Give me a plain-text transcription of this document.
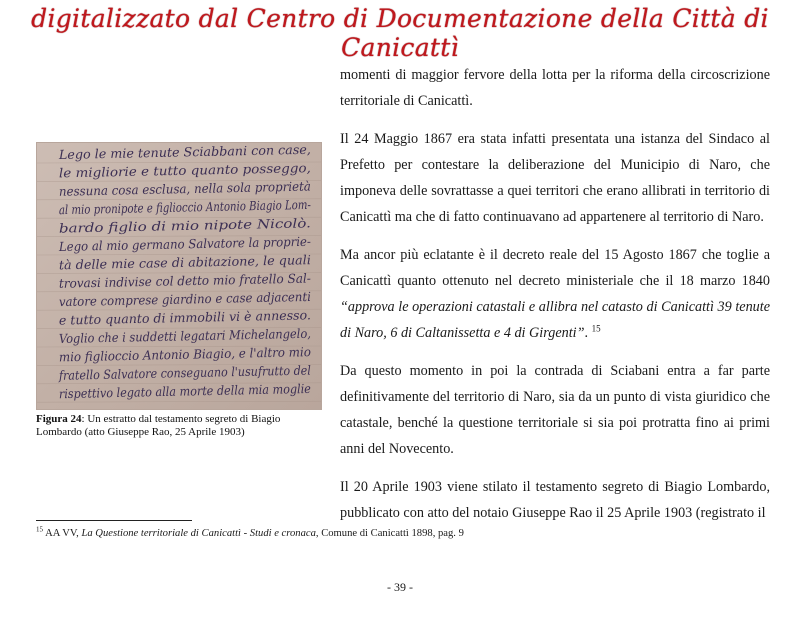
digitalizzato dal Centro di Documentazione della Città di Canicattì

momenti di maggior fervore della lotta per la riforma della circoscrizione territoriale di Canicattì.

Il 24 Maggio 1867 era stata infatti presentata una istanza del Sindaco al Prefetto per contestare la deliberazione del Municipio di Naro, che imponeva delle sovrattasse a quei territori che erano allibrati in territorio di Canicattì ma che di fatto continuavano ad appartenere al territorio di Naro.

Ma ancor più eclatante è il decreto reale del 15 Agosto 1867 che toglie a Canicattì quanto ottenuto nel decreto ministeriale che il 18 marzo 1840 “approva le operazioni catastali e allibra nel catasto di Canicattì 39 tenute di Naro, 6 di Caltanissetta e 4 di Girgenti”. $^{15}$

Da questo momento in poi la contrada di Sciabani entra a far parte definitivamente del territorio di Naro, sia da un punto di vista giuridico che catastale, benché la questione territoriale si sia poi protratta fino ai primi anni del Novecento.

Il 20 Aprile 1903 viene stilato il testamento segreto di Biagio Lombardo, pubblicato con atto del notaio Giuseppe Rao il 25 Aprile 1903 (registrato il

Lego le mie tenute Sciabbani con case,
le migliorie e tutto quanto posseggo,
nessuna cosa esclusa, nella sola proprietà
al mio pronipote e figlioccio Antonio Biagio Lom-
bardo figlio di mio nipote Nicolò.
Lego al mio germano Salvatore la proprie-
tà delle mie case di abitazione, le quali
trovasi indivise col detto mio fratello Sal-
vatore comprese giardino e case adjacenti
e tutto quanto di immobili vi è annesso.
Voglio che i suddetti legatari Michelangelo,
mio figlioccio Antonio Biagio, e l'altro mio
fratello Salvatore conseguano l'usufrutto del
rispettivo legato alla morte della mia moglie
Figura 24: Un estratto dal testamento segreto di Biagio Lombardo (atto Giuseppe Rao, 25 Aprile 1903)
$^{15}$ AA VV, La Questione territoriale di Canicattì - Studi e cronaca, Comune di Canicattì 1898, pag. 9
- 39 -
